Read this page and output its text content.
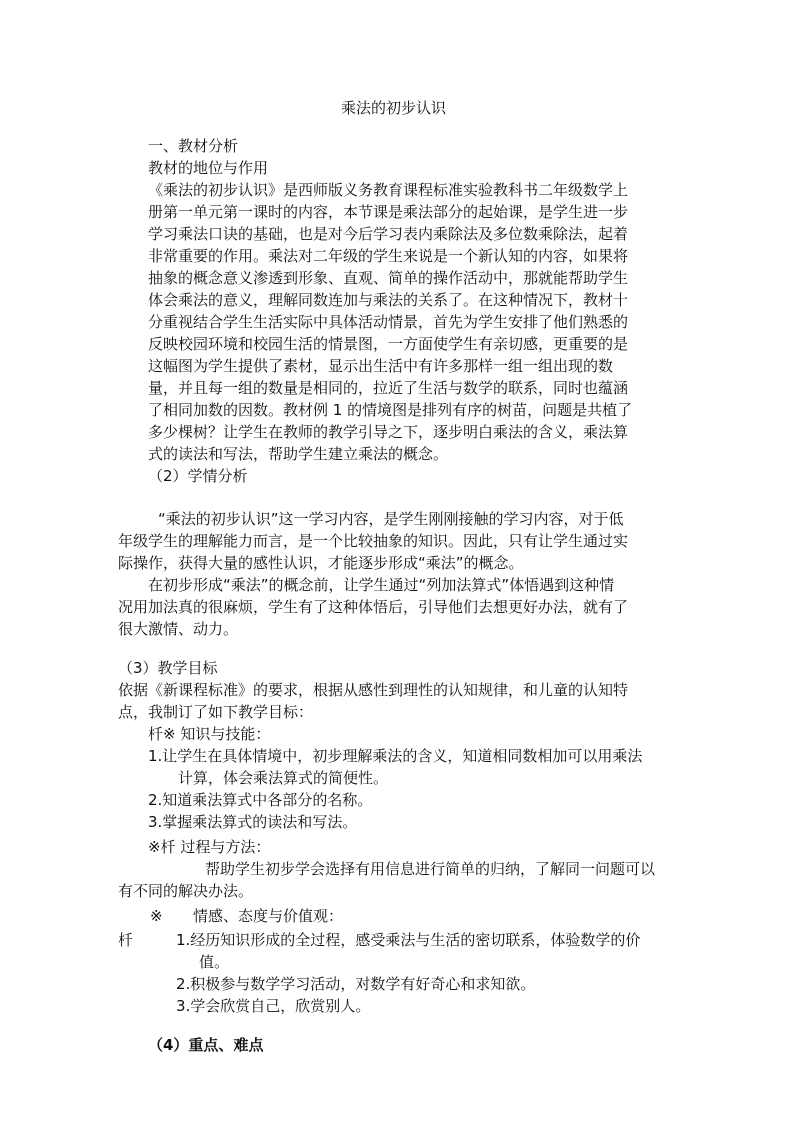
乘法的初步认识
一、教材分析
教材的地位与作用
《乘法的初步认识》是西师版义务教育课程标准实验教科书二年级数学上
册第一单元第一课时的内容，本节课是乘法部分的起始课，是学生进一步
学习乘法口诀的基础，也是对今后学习表内乘除法及多位数乘除法，起着
非常重要的作用。乘法对二年级的学生来说是一个新认知的内容，如果将
抽象的概念意义渗透到形象、直观、简单的操作活动中，那就能帮助学生
体会乘法的意义，理解同数连加与乘法的关系了。在这种情况下，教材十
分重视结合学生生活实际中具体活动情景，首先为学生安排了他们熟悉的
反映校园环境和校园生活的情景图，一方面使学生有亲切感，更重要的是
这幅图为学生提供了素材，显示出生活中有许多那样一组一组出现的数
量，并且每一组的数量是相同的，拉近了生活与数学的联系，同时也蕴涵
了相同加数的因数。教材例 1 的情境图是排列有序的树苗，问题是共植了
多少棵树？让学生在教师的教学引导之下，逐步明白乘法的含义，乘法算
式的读法和写法，帮助学生建立乘法的概念。
（2）学情分析
“乘法的初步认识”这一学习内容，是学生刚刚接触的学习内容，对于低
年级学生的理解能力而言，是一个比较抽象的知识。因此，只有让学生通过实
际操作，获得大量的感性认识，才能逐步形成“乘法”的概念。
在初步形成“乘法”的概念前，让学生通过“列加法算式”体悟遇到这种情
况用加法真的很麻烦，学生有了这种体悟后，引导他们去想更好办法，就有了
很大激情、动力。
（3）教学目标
依据《新课程标准》的要求，根据从感性到理性的认知规律，和儿童的认知特
点，我制订了如下教学目标：
杄※ 知识与技能：
1.让学生在具体情境中，初步理解乘法的含义，知道相同数相加可以用乘法
计算，体会乘法算式的简便性。
2.知道乘法算式中各部分的名称。
3.掌握乘法算式的读法和写法。
※杄 过程与方法：
帮助学生初步学会选择有用信息进行简单的归纳，了解同一问题可以
有不同的解决办法。
※ 情感、态度与价值观：
杄	1.经历知识形成的全过程，感受乘法与生活的密切联系，体验数学的价
值。
2.积极参与数学学习活动，对数学有好奇心和求知欲。
3.学会欣赏自己，欣赏别人。
（4）重点、难点
